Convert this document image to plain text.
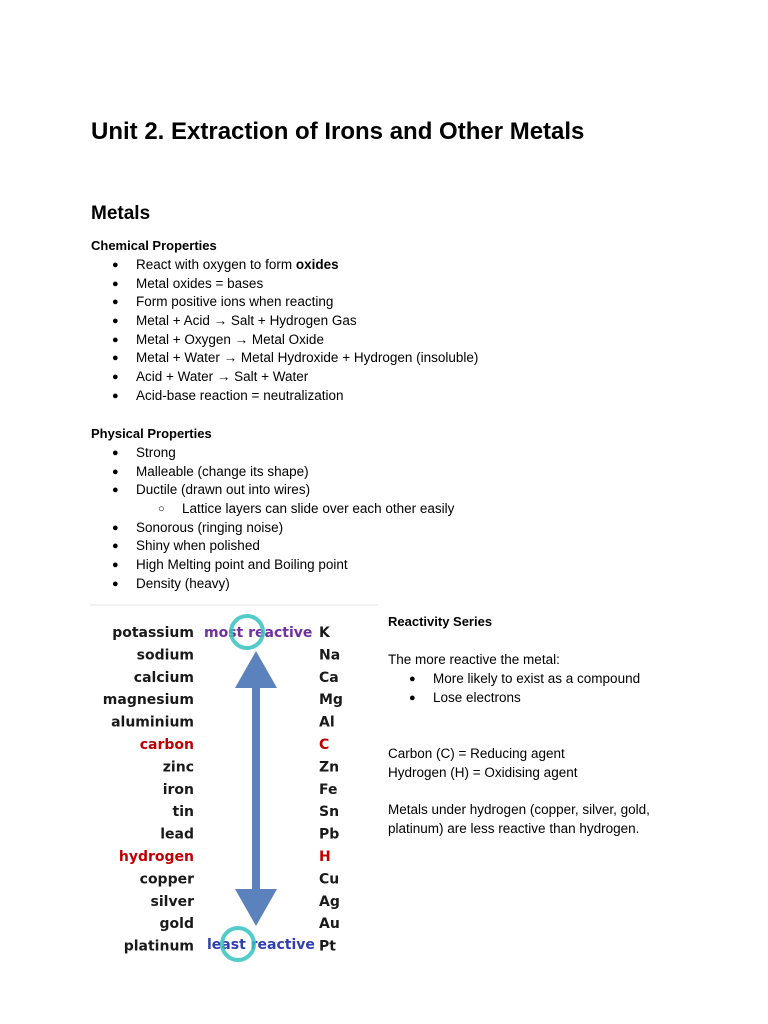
Unit 2. Extraction of Irons and Other Metals
Metals

Chemical Properties

● React with oxygen to form oxides
● Metal oxides = bases
● Form positive ions when reacting
● Metal + Acid → Salt + Hydrogen Gas
● Metal + Oxygen → Metal Oxide
● Metal + Water → Metal Hydroxide + Hydrogen (insoluble)
● Acid + Water → Salt + Water
● Acid-base reaction = neutralization

Physical Properties

● Strong
● Malleable (change its shape)
● Ductile (drawn out into wires)
○ Lattice layers can slide over each other easily
● Sonorous (ringing noise)
● Shiny when polished
● High Melting point and Boiling point
● Density (heavy)
potassium
sodium
calcium
magnesium
aluminium
carbon
zinc
iron
tin
lead
hydrogen
copper
silver
gold
platinum
K
Na
Ca
Mg
Al
C
Zn
Fe
Sn
Pb
H
Cu
Ag
Au
Pt
most reactive
least reactive

Reactivity Series

The more reactive the metal:
● More likely to exist as a compound
● Lose electrons
Carbon (C) = Reducing agent
Hydrogen (H) = Oxidising agent
Metals under hydrogen (copper, silver, gold,
platinum) are less reactive than hydrogen.
